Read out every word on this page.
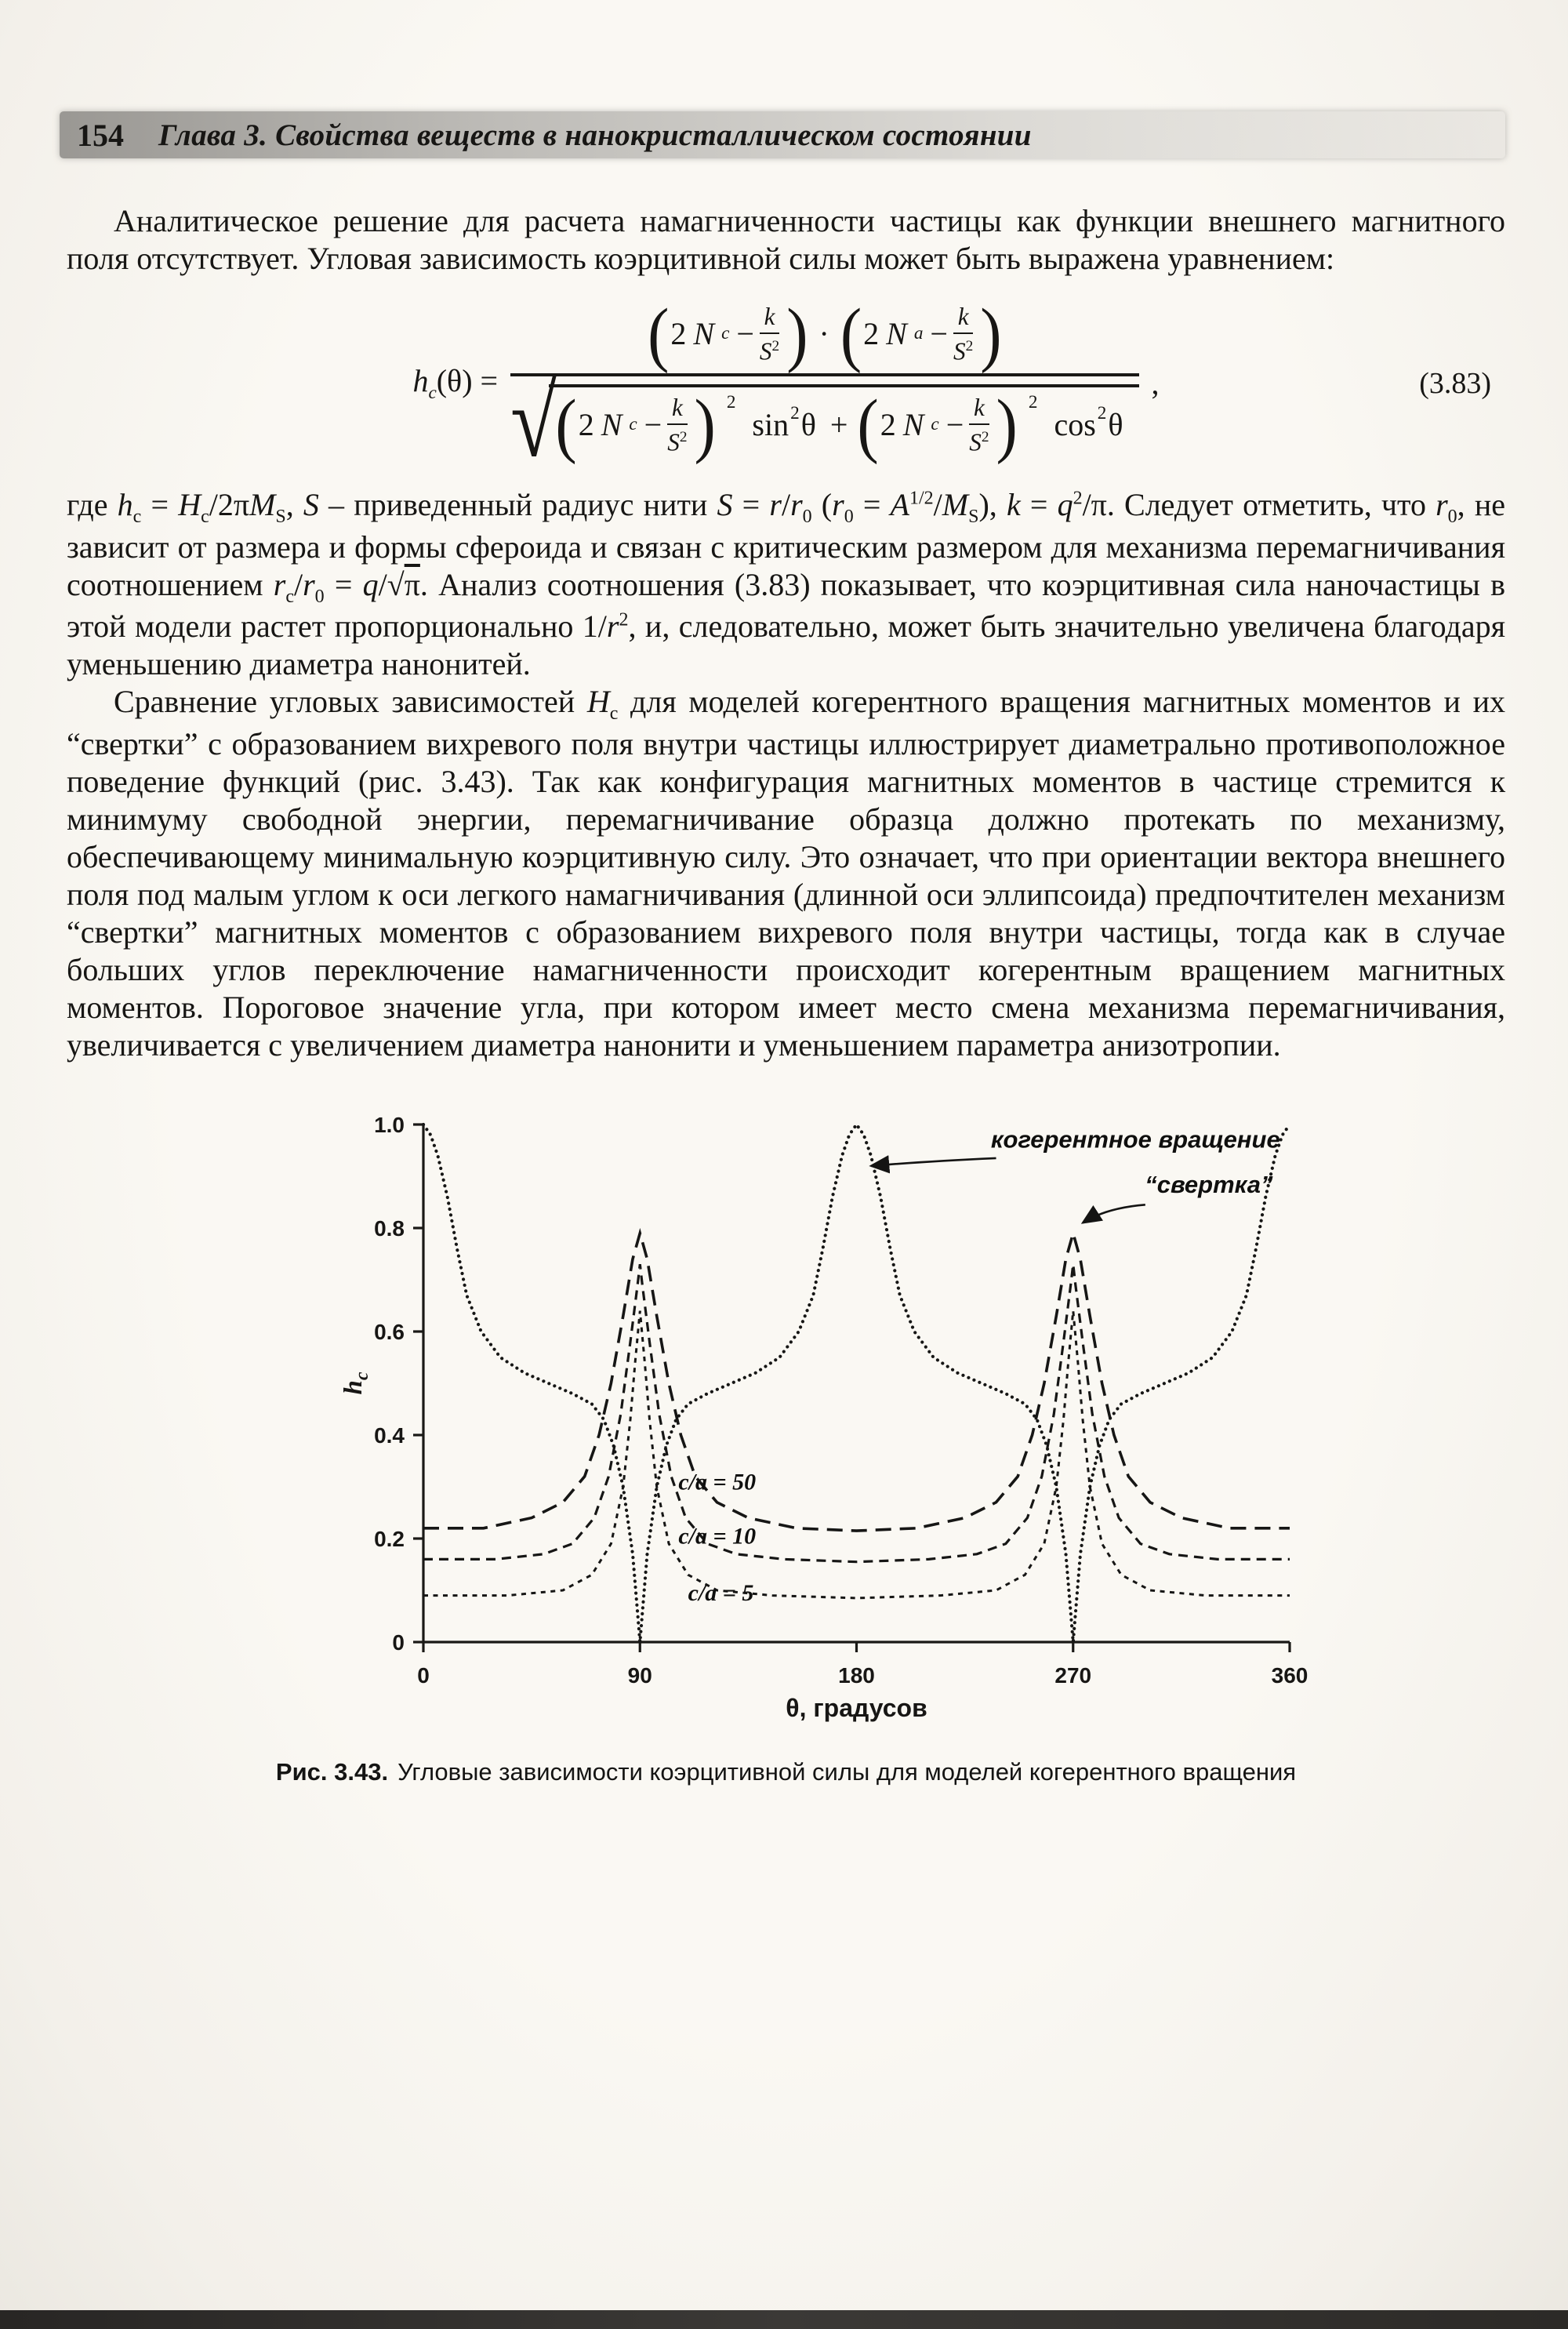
154 Глава 3. Свойства веществ в нанокристаллическом состоянии

Аналитическое решение для расчета намагниченности частицы как функции внешнего магнитного поля отсутствует. Угловая зависимость коэрцитивной силы может быть выражена уравнением:

$h_c(\theta)$ =
( 2 N $c - \frac{k}{S^2}$ ) · ( 2 N $a - \frac{k}{S^2}$ )
√
( 2 N $c - \frac{k}{S^2}$ ) $^2$
$\sin^2 \theta$ + ( 2 N $c - \frac{k}{S^2}$ ) $^2$
$\cos^2 \theta$
,	(3.83)

где $h_c = H_c/2\pi M_S$, S – приведенный радиус нити $S = r/r_0$ $(r_0 = A^{1/2}/M_S)$, $k = q^2/\pi$. Следует отметить, что $r_0$, не зависит от размера и формы сфероида и связан с критическим размером для механизма перемагничивания соотношением $r_c/r_0 = q/√\pi$. Анализ соотношения (3.83) показывает, что коэрцитивная сила наночастицы в этой модели растет пропорционально $1/r^2$, и, следовательно, может быть значительно увеличена благодаря уменьшению диаметра нанонитей.

Сравнение угловых зависимостей $H_c$ для моделей когерентного вращения магнитных моментов и их “свертки” с образованием вихревого поля внутри частицы иллюстрирует диаметрально противоположное поведение функций (рис. 3.43). Так как конфигурация магнитных моментов в частице стремится к минимуму свободной энергии, перемагничивание образца должно протекать по механизму, обеспечивающему минимальную коэрцитивную силу. Это означает, что при ориентации вектора внешнего поля под малым углом к оси легкого намагничивания (длинной оси эллипсоида) предпочтителен механизм “свертки” магнитных моментов с образованием вихревого поля внутри частицы, тогда как в случае больших углов переключение намагниченности происходит когерентным вращением магнитных моментов. Пороговое значение угла, при котором имеет место смена механизма перемагничивания, увеличивается с увеличением диаметра нанонити и уменьшением параметра анизотропии.

0	90	180	270	360
0
0.2
0.4
0.6
0.8
1.0
когерентное вращение
“свертка”
c/a = 50
c/a = 10
c/a = 5
θ, градусов
$h_c$
Рис. 3.43. Угловые зависимости коэрцитивной силы для моделей когерентного вращения
